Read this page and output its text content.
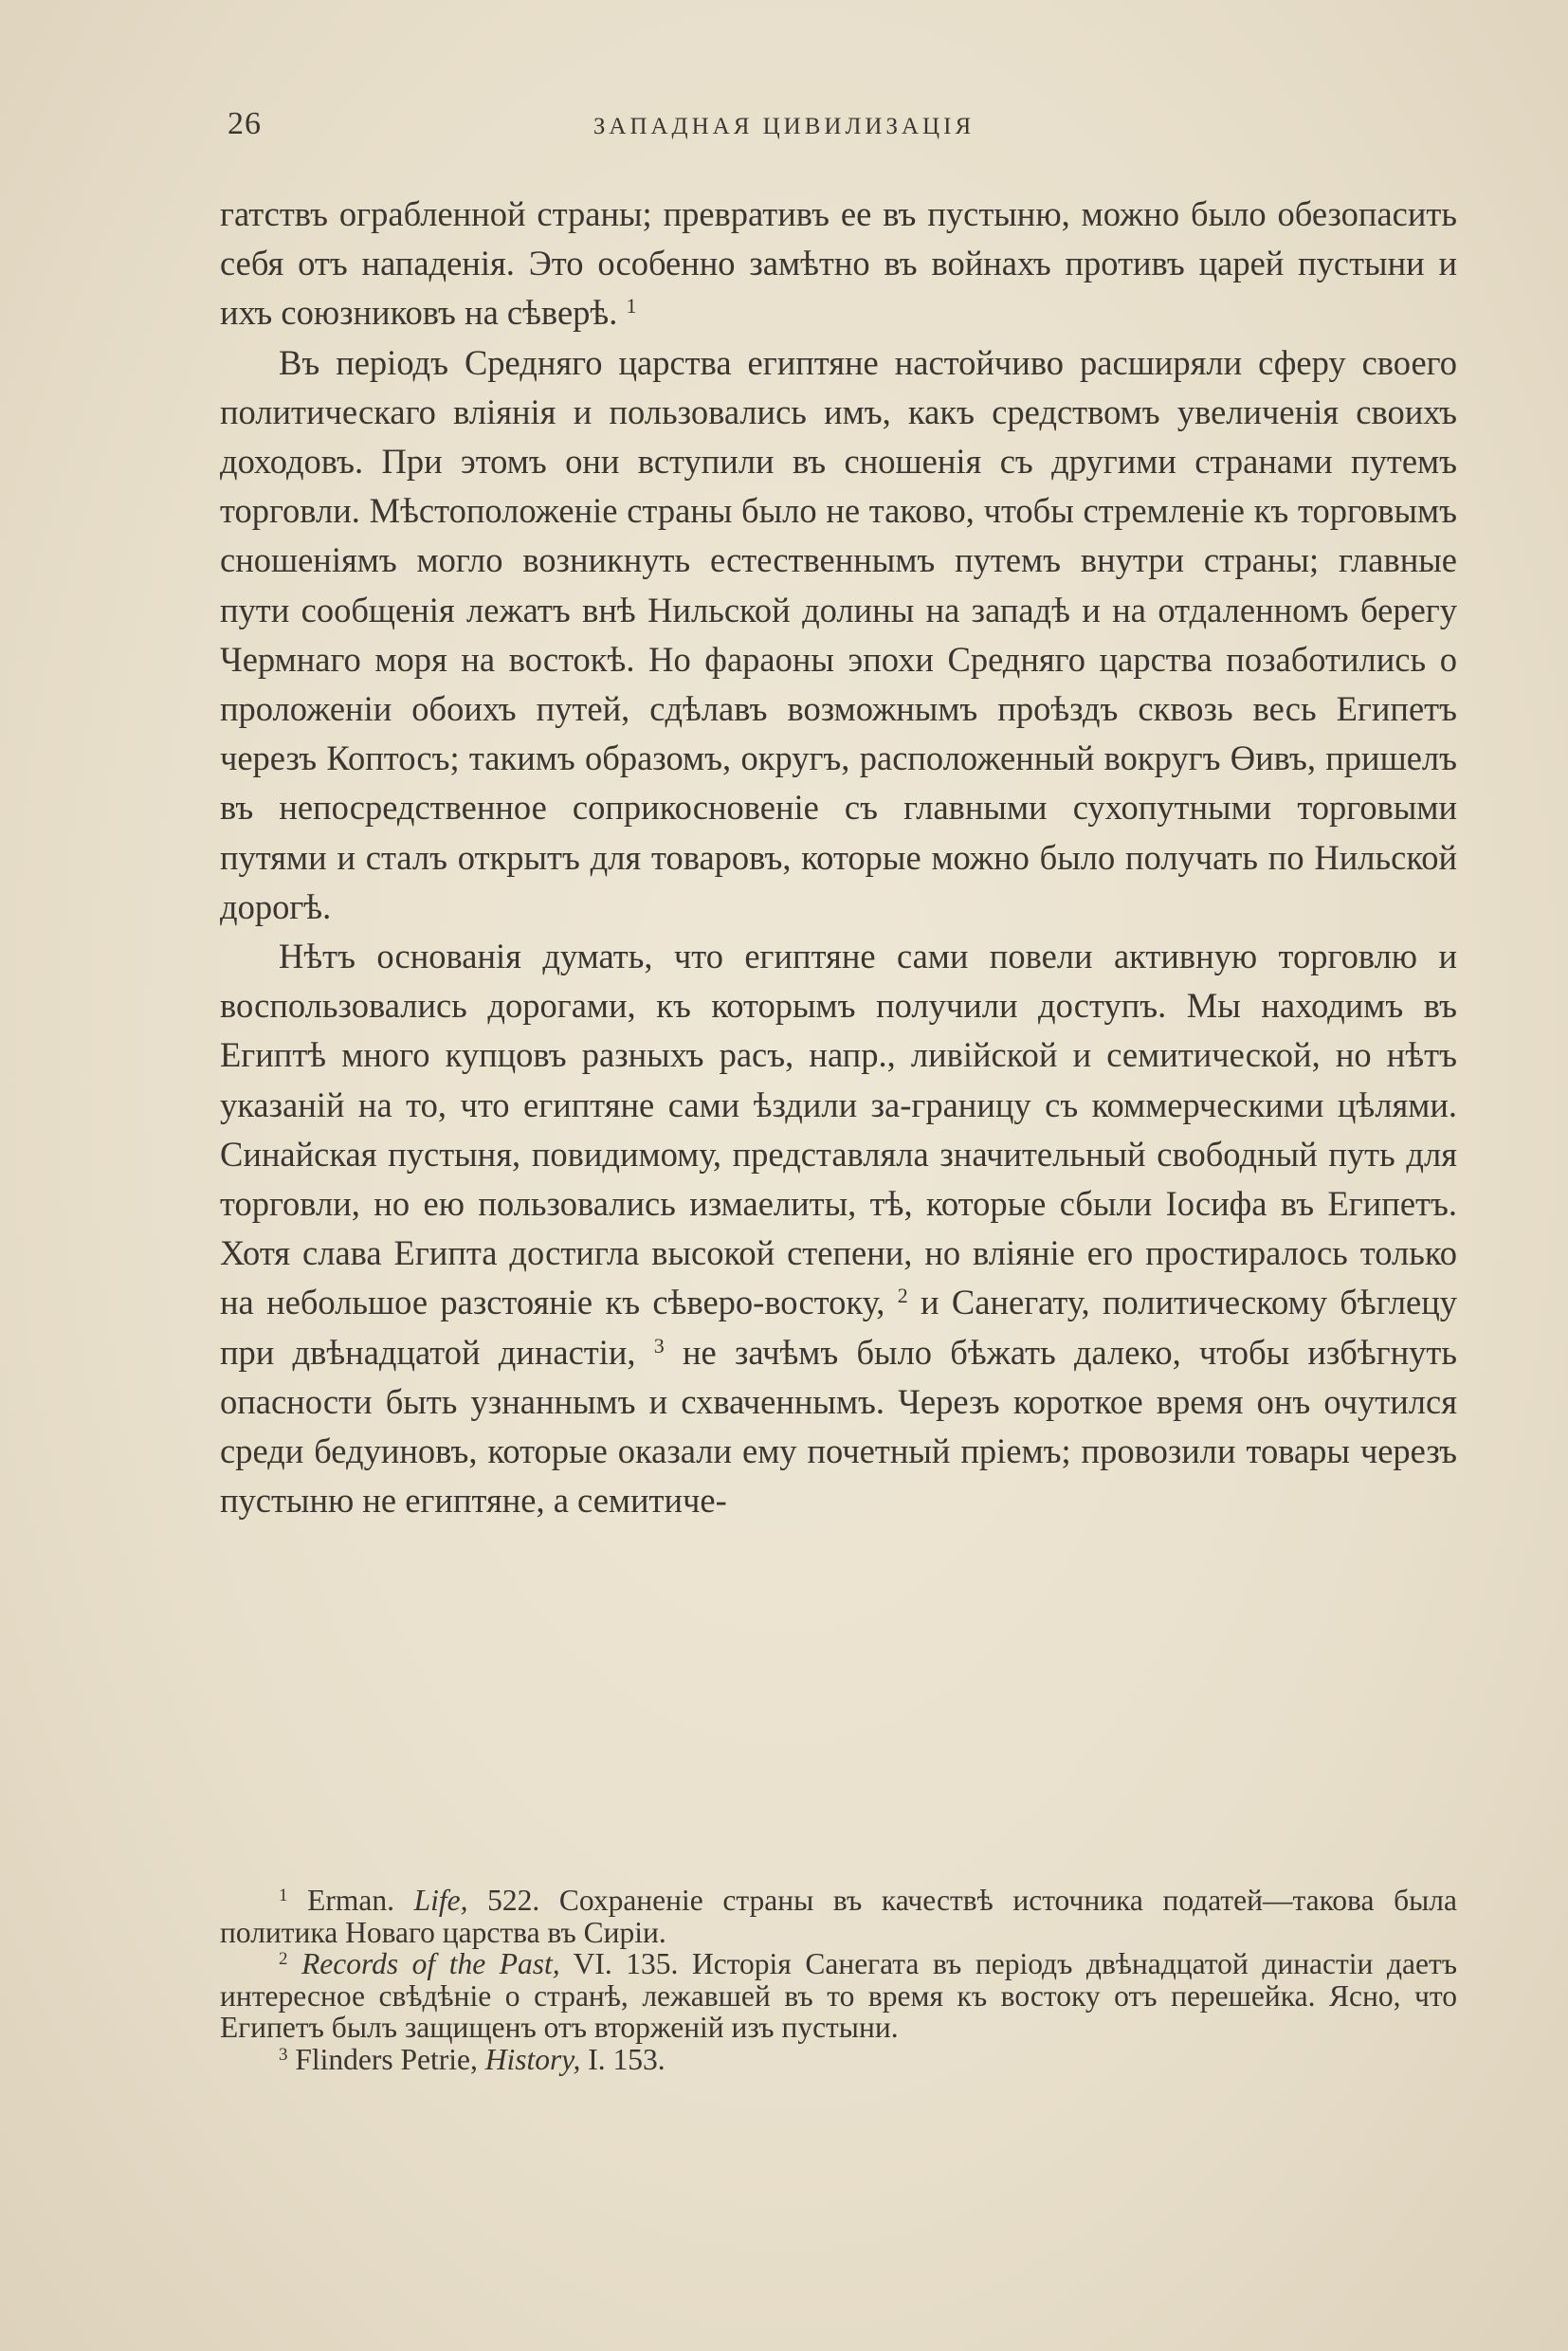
26	ЗАПАДНАЯ ЦИВИЛИЗАЦІЯ

гатствъ ограбленной страны; превративъ ее въ пустыню, можно было обезопасить себя отъ нападенія. Это особенно замѣтно въ войнахъ противъ царей пустыни и ихъ союзниковъ на сѣверѣ. $^1$

Въ періодъ Средняго царства египтяне настойчиво расширяли сферу своего политическаго вліянія и пользовались имъ, какъ средствомъ увеличенія своихъ доходовъ. При этомъ они вступили въ сношенія съ другими странами путемъ торговли. Мѣстоположеніе страны было не таково, чтобы стремленіе къ торговымъ сношеніямъ могло возникнуть естественнымъ путемъ внутри страны; главные пути сообщенія лежатъ внѣ Нильской долины на западѣ и на отдаленномъ берегу Чермнаго моря на востокѣ. Но фараоны эпохи Средняго царства позаботились о проложеніи обоихъ путей, сдѣлавъ возможнымъ проѣздъ сквозь весь Египетъ черезъ Коптосъ; такимъ образомъ, округъ, расположенный вокругъ Өивъ, пришелъ въ непосредственное соприкосновеніе съ главными сухопутными торговыми путями и сталъ открытъ для товаровъ, которые можно было получать по Нильской дорогѣ.

Нѣтъ основанія думать, что египтяне сами повели активную торговлю и воспользовались дорогами, къ которымъ получили доступъ. Мы находимъ въ Египтѣ много купцовъ разныхъ расъ, напр., ливійской и семитической, но нѣтъ указаній на то, что египтяне сами ѣздили за-границу съ коммерческими цѣлями. Синайская пустыня, повидимому, представляла значительный свободный путь для торговли, но ею пользовались измаелиты, тѣ, которые сбыли Іосифа въ Египетъ. Хотя слава Египта достигла высокой степени, но вліяніе его простиралось только на небольшое разстояніе къ сѣверо-востоку, $^2$ и Санегату, политическому бѣглецу при двѣнадцатой династіи, $^3$ не зачѣмъ было бѣжать далеко, чтобы избѣгнуть опасности быть узнаннымъ и схваченнымъ. Черезъ короткое время онъ очутился среди бедуиновъ, которые оказали ему почетный пріемъ; провозили товары черезъ пустыню не египтяне, а семитиче-

$^1$ Erman. Life, 522. Сохраненіе страны въ качествѣ источника податей—такова была политика Новаго царства въ Сиріи.

$^2$ Records of the Past, VI. 135. Исторія Санегата въ періодъ двѣнадцатой династіи даетъ интересное свѣдѣніе о странѣ, лежавшей въ то время къ востоку отъ перешейка. Ясно, что Египетъ былъ защищенъ отъ вторженій изъ пустыни.

$^3$ Flinders Petrie, History, I. 153.
